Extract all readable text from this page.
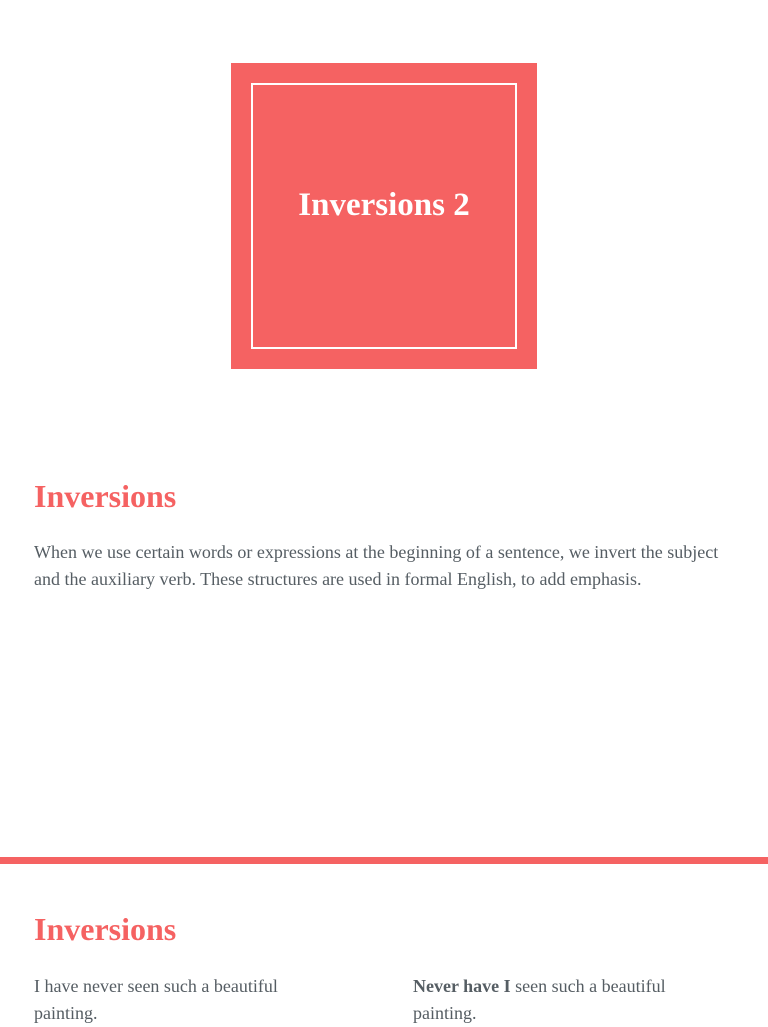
Inversions 2
Inversions

When we use certain words or expressions at the beginning of a sentence, we invert the subject and the auxiliary verb. These structures are used in formal English, to add emphasis.

Inversions

I have never seen such a beautiful painting.

Never have I seen such a beautiful painting.
